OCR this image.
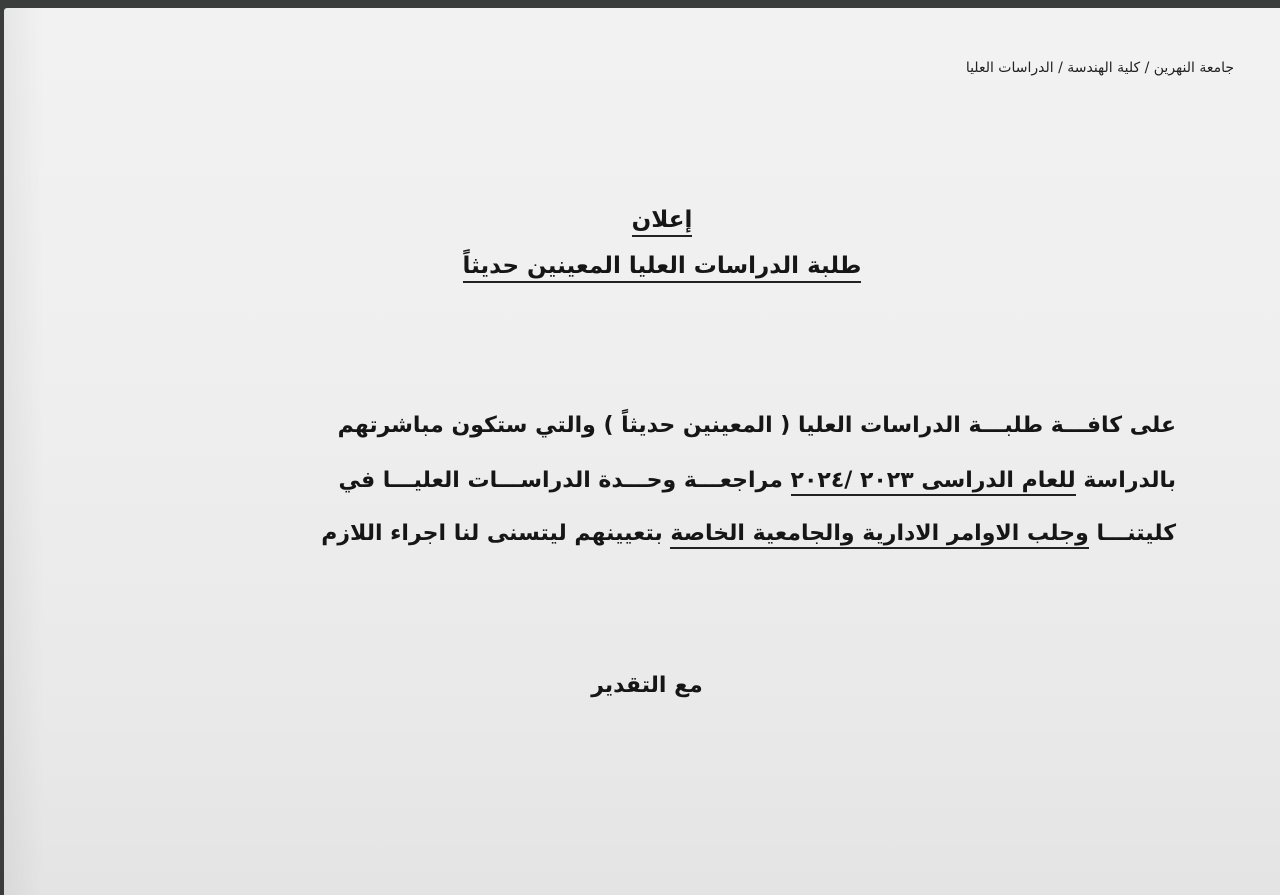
جامعة النهرين / كلية الهندسة / الدراسات العليا
إعلان
طلبة الدراسات العليا المعينين حديثاً
على كافـــة طلبـــة الدراسات العليا ( المعينين حديثاً ) والتي ستكون مباشرتهم
بالدراسة للعام الدراسى ٢٠٢٣ /٢٠٢٤ مراجعـــة وحـــدة الدراســـات العليـــا في
كليتنـــا وجلب الاوامر الادارية والجامعية الخاصة بتعيينهم ليتسنى لنا اجراء اللازم
مع التقدير
